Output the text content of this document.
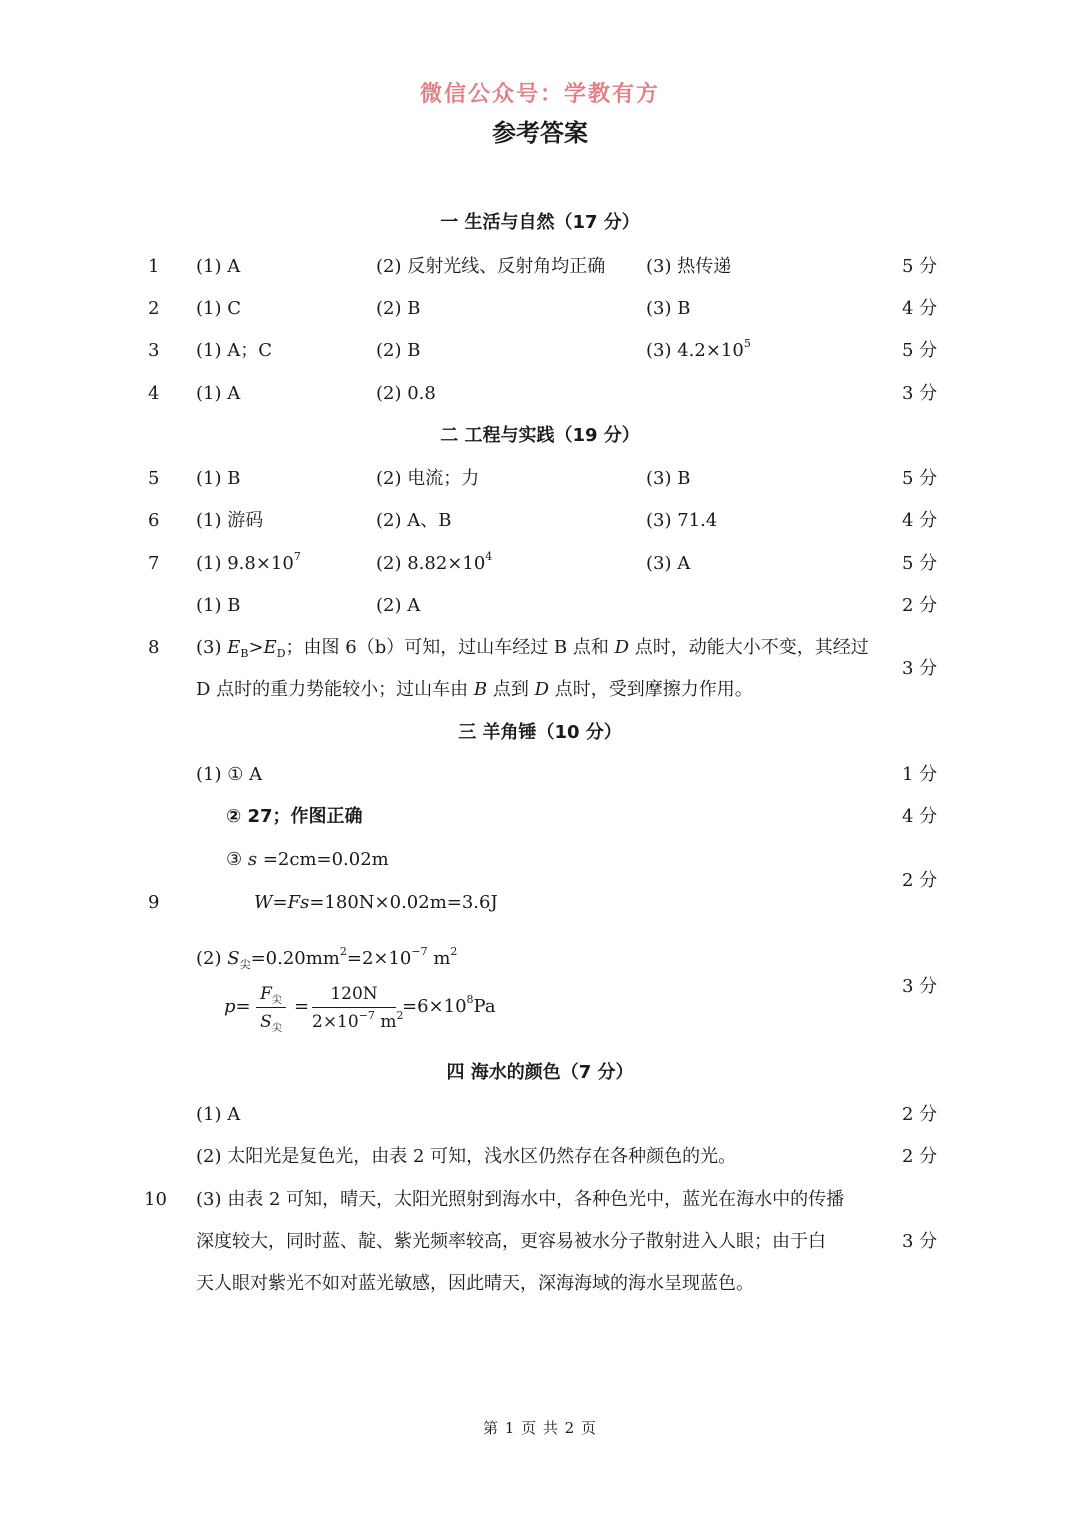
微信公众号：学教有方
参考答案
一 生活与自然（17 分）
1 (1) A	(2) 反射光线、反射角均正确 (3) 热传递	5 分
2 (1) C	(2) B	(3) B	4 分
3 (1) A；C	(2) B	(3) $4.2\times 10^5$	5 分
4 (1) A	(2) 0.8	3 分
二 工程与实践（19 分）
5 (1) B	(2) 电流；力	(3) B	5 分
6 (1) 游码	(2) A、B	(3) 71.4	4 分
7 (1) $9.8\times 10^7$	(2) $8.82\times 10^4$	(3) A	5 分
(1) B	(2) A	2 分
8 (3) $E_B>E_D$；由图 6（b）可知，过山车经过 B 点和 D 点时，动能大小不变，其经过
D 点时的重力势能较小；过山车由 B 点到 D 点时，受到摩擦力作用。
3 分
三 羊角锤（10 分）
(1) ① A	1 分
② 27；作图正确	4 分
③ s =2cm=0.02m
9	W=Fs=180N×0.02m=3.6J
2 分
(2) $S_尖=0.20mm^2=2\times 10^{-7}$ $m^2$
p=
$F_尖$
$S_尖$
=
120N
$2\times 10^{-7}$ $m^2$
$=6\times 10^8Pa$
3 分
四 海水的颜色（7 分）
(1) A	2 分
(2) 太阳光是复色光，由表 2 可知，浅水区仍然存在各种颜色的光。	2 分
10 (3) 由表 2 可知，晴天，太阳光照射到海水中，各种色光中，蓝光在海水中的传播
深度较大，同时蓝、靛、紫光频率较高，更容易被水分子散射进入人眼；由于白
天人眼对紫光不如对蓝光敏感，因此晴天，深海海域的海水呈现蓝色。
3 分
第 1 页 共 2 页
